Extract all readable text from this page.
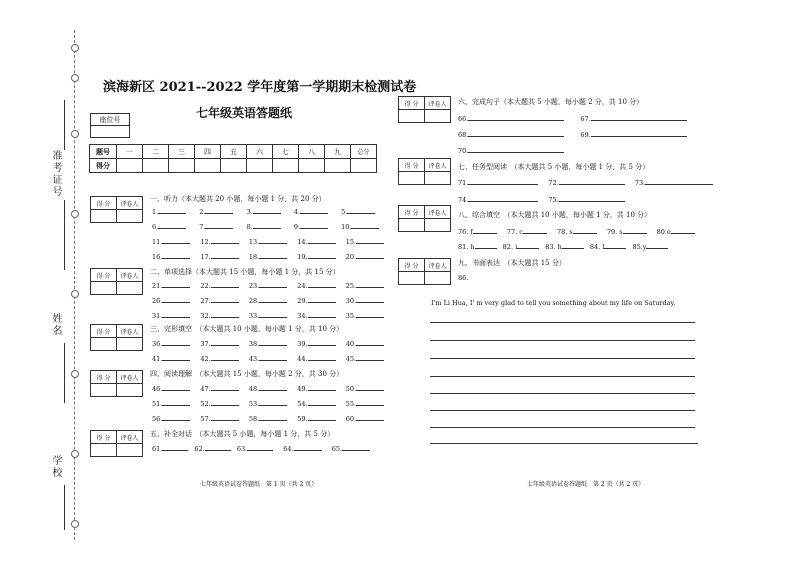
准考证号
姓名
学校
滨海新区 2021--2022 学年度第一学期期末检测试卷
七年级英语答题纸
座位号

题号	一	二	三	四	五	六	七	八	九	总分
得分										
得 分	评卷人

得 分	评卷人

得 分	评卷人

得 分	评卷人

得 分	评卷人

一、听力（本大题共 20 小题，每小题 1 分，共 20 分）
1.	2.	3.	4.	5.
6.	7.	8.	9.	10.
11.	12.	13.	14.	15.
16.	17.	18.	19.	20.
二、单项选择（本大题共 15 小题，每小题 1 分，共 15 分）
21.	22.	23.	24.	25.
26.	27.	28.	29.	30.
31.	32.	33.	34.	35.
三、完形填空　（本大题共 10 小题，每小题 1 分，共 10 分）
36.	37.	38.	39.	40.
41.	42.	43.	44.	45.
四、阅读理解　（本大题共 15 小题，每小题 2 分，共 30 分）
46.	47.	48.	49.	50.
51.	52.	53.	54.	55.
56.	57.	58.	59.	60.
五、补全对话　（本大题共 5 小题，每小题 1 分，共 5 分）
61.	62.	63.	64.	65.
七年级英语试卷答题纸　第 1 页（共 2 页）
得 分	评卷人

得 分	评卷人

得 分	评卷人

得 分	评卷人

六、完成句子（本大题共 5 小题，每小题 2 分，共 10 分）
66.	67.
68.	69.
70.
七、任务型阅读　（本大题共 5 小题，每小题 1 分，共 5 分）
71.	72.	73.
74.	75.
八、综合填空　（本大题共 10 小题，每小题 1 分，共 10 分）
76. f	77. c	78. s	79. s	80.e
81. h	82. i	83. h	84. l	85.y
九、书面表达　（本大题共 15 分）
86.
I'm Li Hua, I' m very glad to tell you something about my life on Saturday.
七年级英语试卷答题纸　第 2 页（共 2 页）
